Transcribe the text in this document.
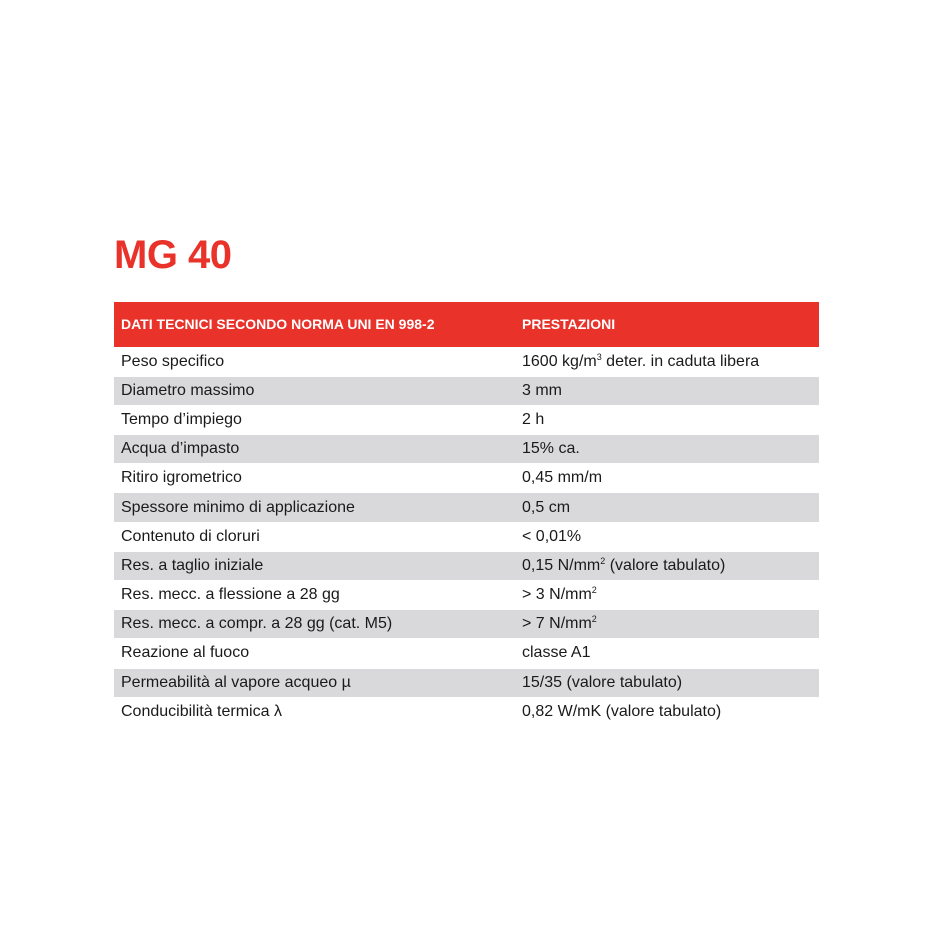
MG 40
DATI TECNICI SECONDO NORMA UNI EN 998-2	PRESTAZIONI
Peso specifico	1600 $kg/m^3$ deter. in caduta libera
Diametro massimo	3 mm
Tempo d’impiego	2 h
Acqua d’impasto	15% ca.
Ritiro igrometrico	0,45 mm/m
Spessore minimo di applicazione	0,5 cm
Contenuto di cloruri	< 0,01%
Res. a taglio iniziale	0,15 $N/mm^2$ (valore tabulato)
Res. mecc. a flessione a 28 gg	> 3 $N/mm^2$
Res. mecc. a compr. a 28 gg (cat. M5)	> 7 $N/mm^2$
Reazione al fuoco	classe A1
Permeabilità al vapore acqueo µ	15/35 (valore tabulato)
Conducibilità termica λ	0,82 W/mK (valore tabulato)
